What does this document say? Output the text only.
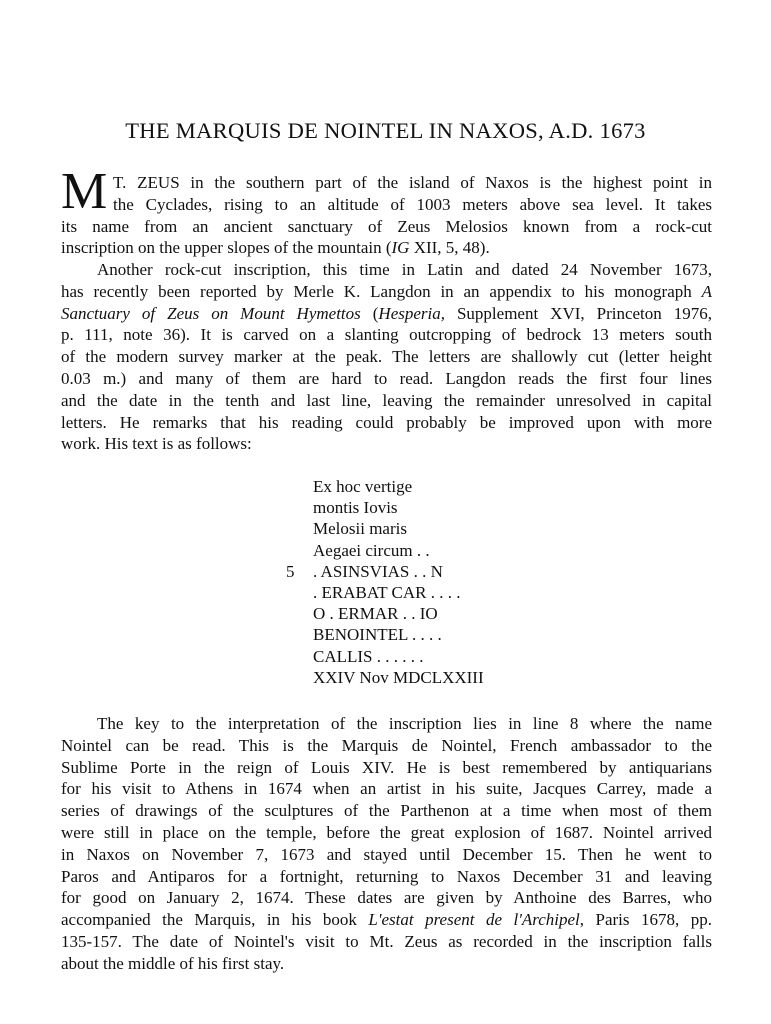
THE MARQUIS DE NOINTEL IN NAXOS, A.D. 1673
M T. ZEUS in the southern part of the island of Naxos is the highest point in
the Cyclades, rising to an altitude of 1003 meters above sea level. It takes
its name from an ancient sanctuary of Zeus Melosios known from a rock-cut
inscription on the upper slopes of the mountain (IG XII, 5, 48).
Another rock-cut inscription, this time in Latin and dated 24 November 1673,
has recently been reported by Merle K. Langdon in an appendix to his monograph A
Sanctuary of Zeus on Mount Hymettos (Hesperia, Supplement XVI, Princeton 1976,
p. 111, note 36). It is carved on a slanting outcropping of bedrock 13 meters south
of the modern survey marker at the peak. The letters are shallowly cut (letter height
0.03 m.) and many of them are hard to read. Langdon reads the first four lines
and the date in the tenth and last line, leaving the remainder unresolved in capital
letters. He remarks that his reading could probably be improved upon with more
work. His text is as follows:
Ex hoc vertige
montis Iovis
Melosii maris
Aegaei circum . .
5 . ASINSVIAS . . N
. ERABAT CAR . . . .
O . ERMAR . . IO
BENOINTEL . . . .
CALLIS . . . . . .
XXIV Nov MDCLXXIII
The key to the interpretation of the inscription lies in line 8 where the name
Nointel can be read. This is the Marquis de Nointel, French ambassador to the
Sublime Porte in the reign of Louis XIV. He is best remembered by antiquarians
for his visit to Athens in 1674 when an artist in his suite, Jacques Carrey, made a
series of drawings of the sculptures of the Parthenon at a time when most of them
were still in place on the temple, before the great explosion of 1687. Nointel arrived
in Naxos on November 7, 1673 and stayed until December 15. Then he went to
Paros and Antiparos for a fortnight, returning to Naxos December 31 and leaving
for good on January 2, 1674. These dates are given by Anthoine des Barres, who
accompanied the Marquis, in his book L'estat present de l'Archipel, Paris 1678, pp.
135-157. The date of Nointel's visit to Mt. Zeus as recorded in the inscription falls
about the middle of his first stay.
